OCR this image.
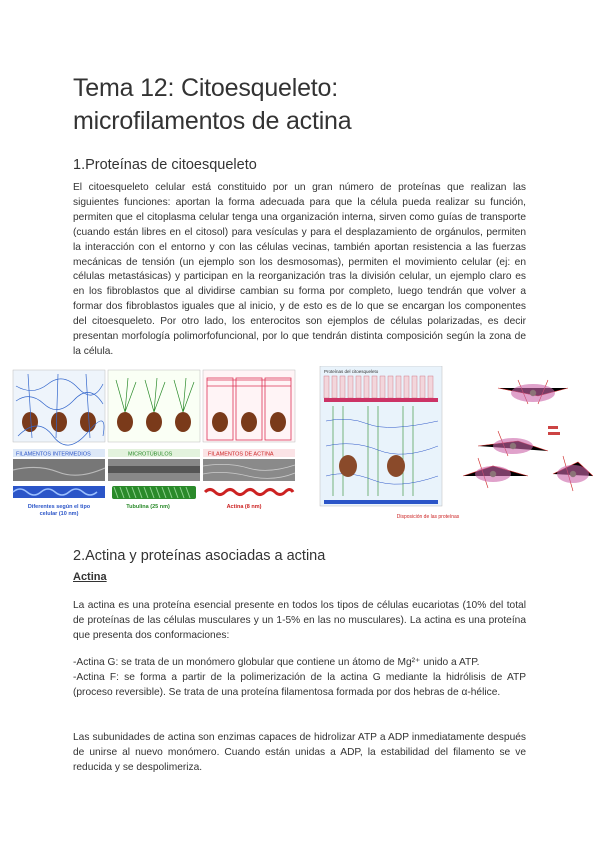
Tema 12: Citoesqueleto:
microfilamentos de actina
1.Proteínas de citoesqueleto

El citoesqueleto celular está constituido por un gran número de proteínas que realizan las siguientes funciones: aportan la forma adecuada para que la célula pueda realizar su función, permiten que el citoplasma celular tenga una organización interna, sirven como guías de transporte (cuando están libres en el citosol) para vesículas y para el desplazamiento de orgánulos, permiten la interacción con el entorno y con las células vecinas, también aportan resistencia a las fuerzas mecánicas de tensión (un ejemplo son los desmosomas), permiten el movimiento celular (ej: en células metastásicas) y participan en la reorganización tras la división celular, un ejemplo claro es en los fibroblastos que al dividirse cambian su forma por completo, luego tendrán que volver a formar dos fibroblastos iguales que al inicio, y de esto es de lo que se encargan los componentes del citoesqueleto. Por otro lado, los enterocitos son ejemplos de células polarizadas, es decir presentan morfología polimorfofuncional, por lo que tendrán distinta composición según la zona de la célula.

FILAMENTOS INTERMEDIOS
Diferentes según el tipo
celular (10 nm)
MICROTÚBULOS
Tubulina (25 nm)
FILAMENTOS DE ACTINA
Actina (8 nm)
Proteínas del citoesqueleto
Disposición de las proteínas
2.Actina y proteínas asociadas a actina

Actina

La actina es una proteína esencial presente en todos los tipos de células eucariotas (10% del total de proteínas de las células musculares y un 1-5% en las no musculares). La actina es una proteína que presenta dos conformaciones:

-Actina G: se trata de un monómero globular que contiene un átomo de Mg²⁺ unido a ATP.

-Actina F: se forma a partir de la polimerización de la actina G mediante la hidrólisis de ATP (proceso reversible). Se trata de una proteína filamentosa formada por dos hebras de α-hélice.

Las subunidades de actina son enzimas capaces de hidrolizar ATP a ADP inmediatamente después de unirse al nuevo monómero. Cuando están unidas a ADP, la estabilidad del filamento se ve reducida y se despolimeriza.
